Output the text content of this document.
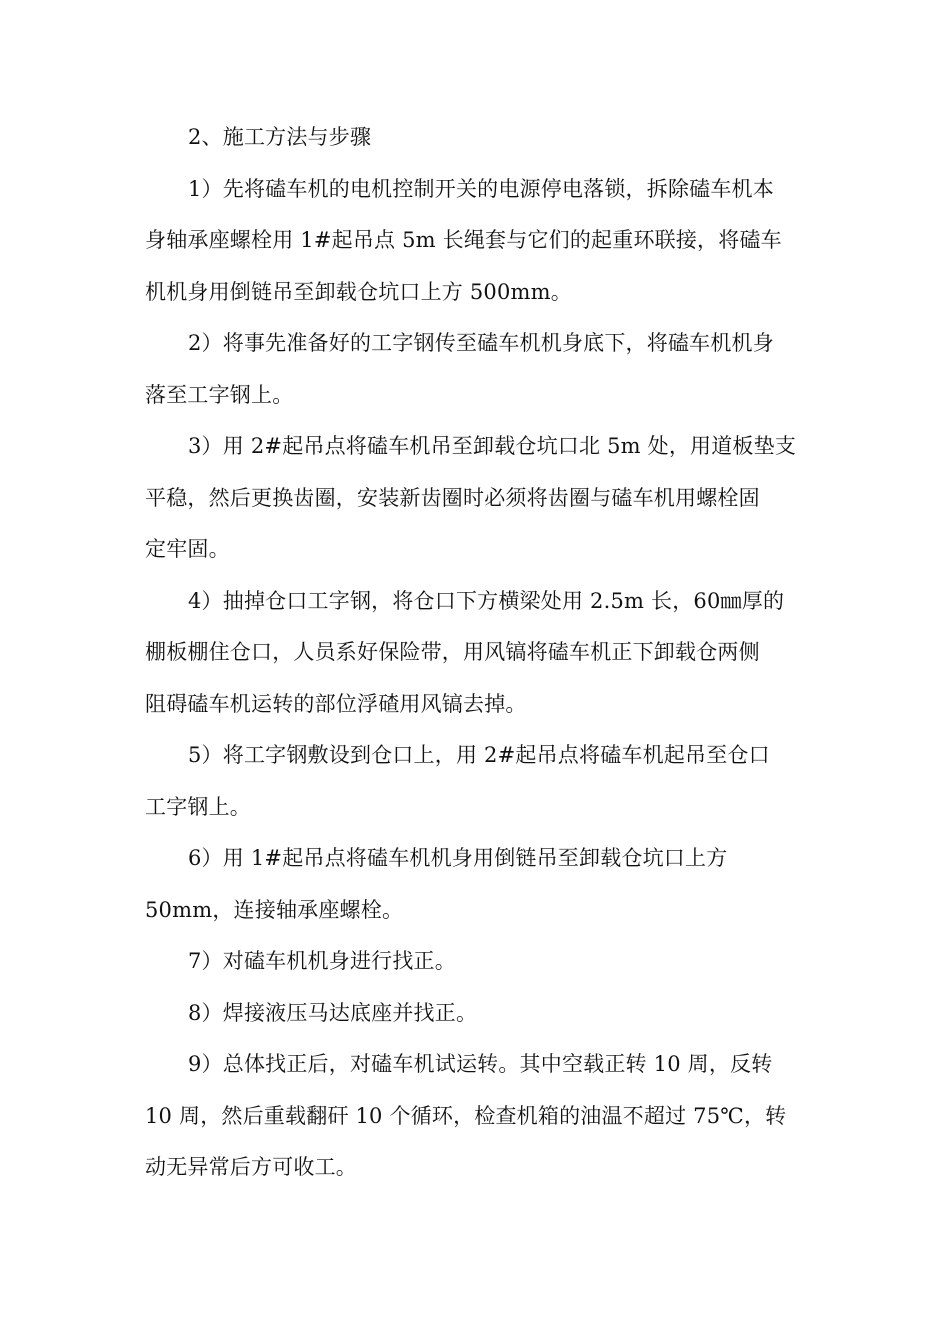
2、施工方法与步骤
1）先将磕车机的电机控制开关的电源停电落锁，拆除磕车机本
身轴承座螺栓用 1#起吊点 5m 长绳套与它们的起重环联接，将磕车
机机身用倒链吊至卸载仓坑口上方 500mm。
2）将事先准备好的工字钢传至磕车机机身底下，将磕车机机身
落至工字钢上。
3）用 2#起吊点将磕车机吊至卸载仓坑口北 5m 处，用道板垫支
平稳，然后更换齿圈，安装新齿圈时必须将齿圈与磕车机用螺栓固
定牢固。
4）抽掉仓口工字钢，将仓口下方横梁处用 2.5m 长，60㎜厚的
棚板棚住仓口，人员系好保险带，用风镐将磕车机正下卸载仓两侧
阻碍磕车机运转的部位浮碴用风镐去掉。
5）将工字钢敷设到仓口上，用 2#起吊点将磕车机起吊至仓口
工字钢上。
6）用 1#起吊点将磕车机机身用倒链吊至卸载仓坑口上方
50mm，连接轴承座螺栓。
7）对磕车机机身进行找正。
8）焊接液压马达底座并找正。
9）总体找正后，对磕车机试运转。其中空载正转 10 周，反转
10 周，然后重载翻矸 10 个循环，检查机箱的油温不超过 75℃，转
动无异常后方可收工。
